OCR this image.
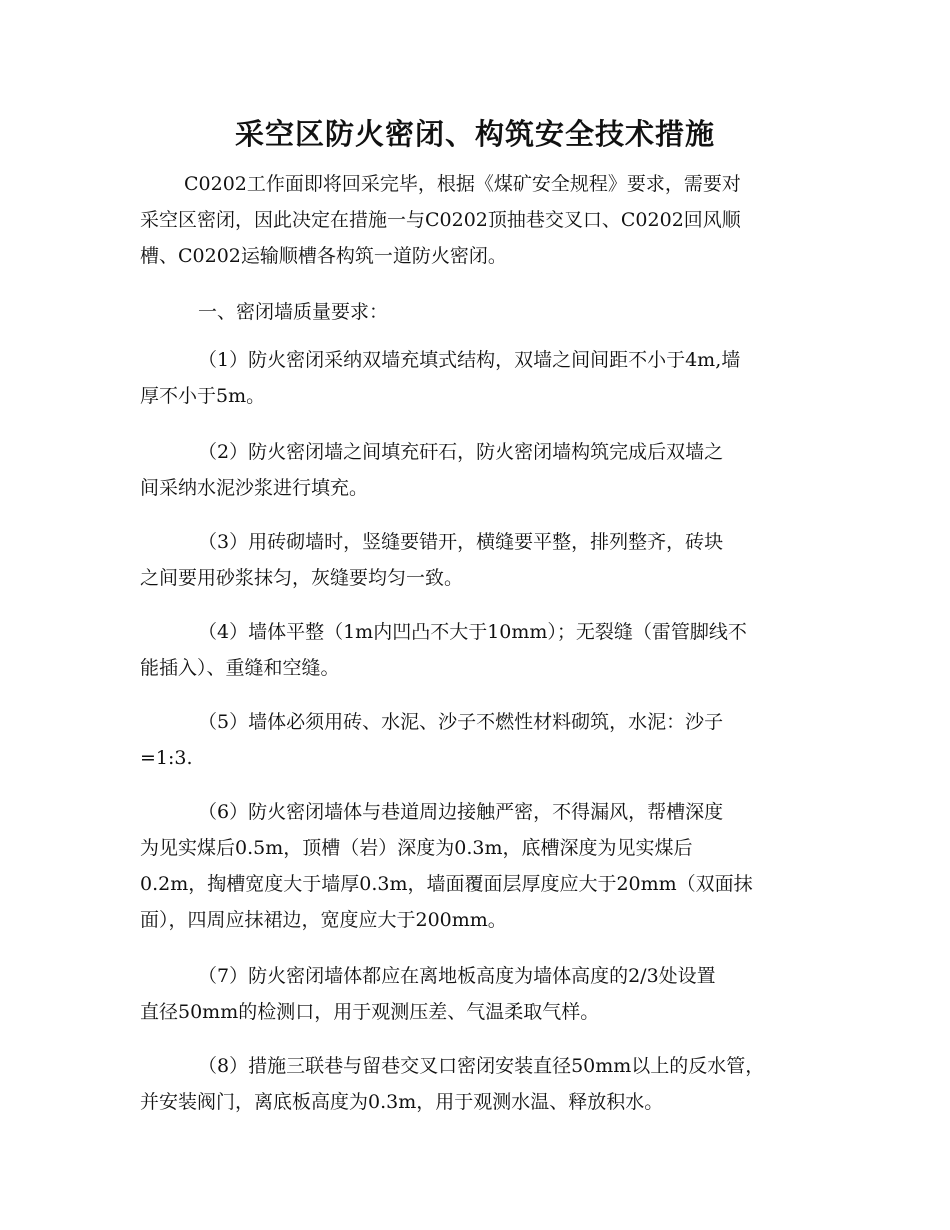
采空区防火密闭、构筑安全技术措施
C0202工作面即将回采完毕，根据《煤矿安全规程》要求，需要对
采空区密闭，因此决定在措施一与C0202顶抽巷交叉口、C0202回风顺
槽、C0202运输顺槽各构筑一道防火密闭。
一、密闭墙质量要求：
（1）防火密闭采纳双墙充填式结构，双墙之间间距不小于4m,墙
厚不小于5m。
（2）防火密闭墙之间填充矸石，防火密闭墙构筑完成后双墙之
间采纳水泥沙浆进行填充。
（3）用砖砌墙时，竖缝要错开，横缝要平整，排列整齐，砖块
之间要用砂浆抹匀，灰缝要均匀一致。
（4）墙体平整（1m内凹凸不大于10mm）；无裂缝（雷管脚线不
能插入）、重缝和空缝。
（5）墙体必须用砖、水泥、沙子不燃性材料砌筑，水泥：沙子
=1:3.
（6）防火密闭墙体与巷道周边接触严密，不得漏风，帮槽深度
为见实煤后0.5m，顶槽（岩）深度为0.3m，底槽深度为见实煤后
0.2m，掏槽宽度大于墙厚0.3m，墙面覆面层厚度应大于20mm（双面抹
面），四周应抹裙边，宽度应大于200mm。
（7）防火密闭墙体都应在离地板高度为墙体高度的2/3处设置
直径50mm的检测口，用于观测压差、气温柔取气样。
（8）措施三联巷与留巷交叉口密闭安装直径50mm以上的反水管，
并安装阀门，离底板高度为0.3m，用于观测水温、释放积水。
